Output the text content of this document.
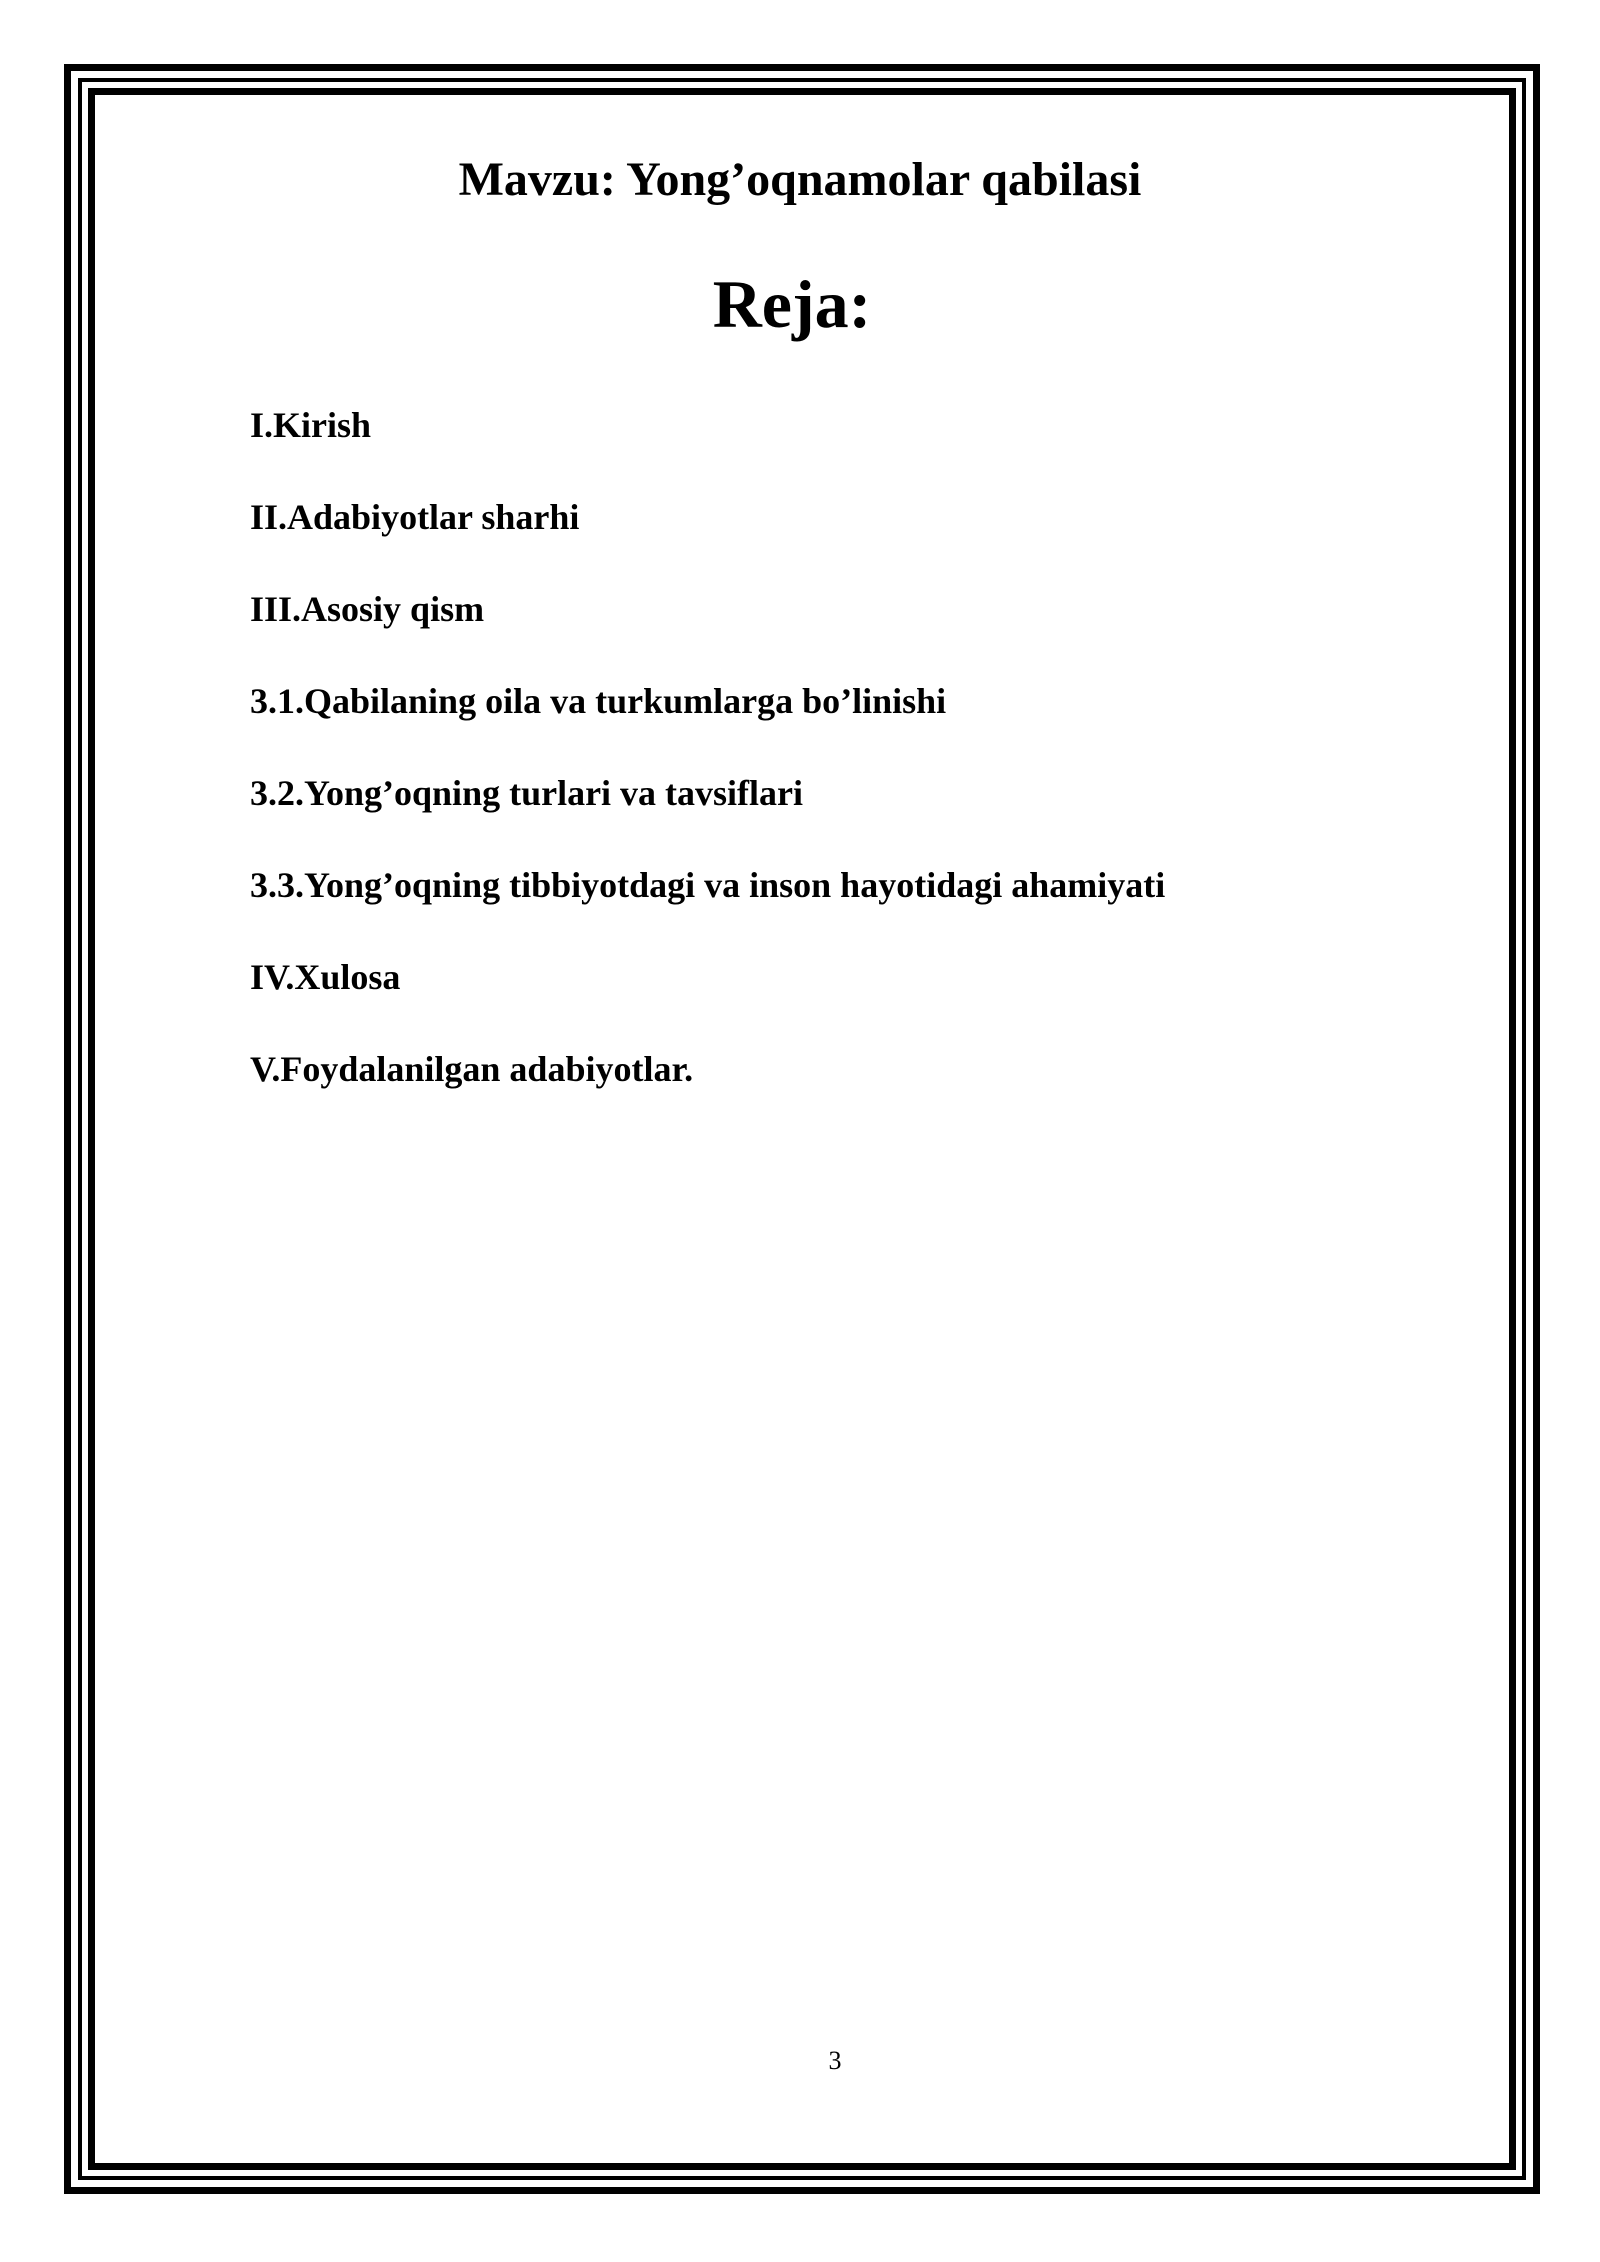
Mavzu: Yong’oqnamolar qabilasi
Reja:
I.Kirish
II.Adabiyotlar sharhi
III.Asosiy qism
3.1.Qabilaning oila va turkumlarga bo’linishi
3.2.Yong’oqning turlari va tavsiflari
3.3.Yong’oqning tibbiyotdagi va inson hayotidagi ahamiyati
IV.Xulosa
V.Foydalanilgan adabiyotlar.
3
